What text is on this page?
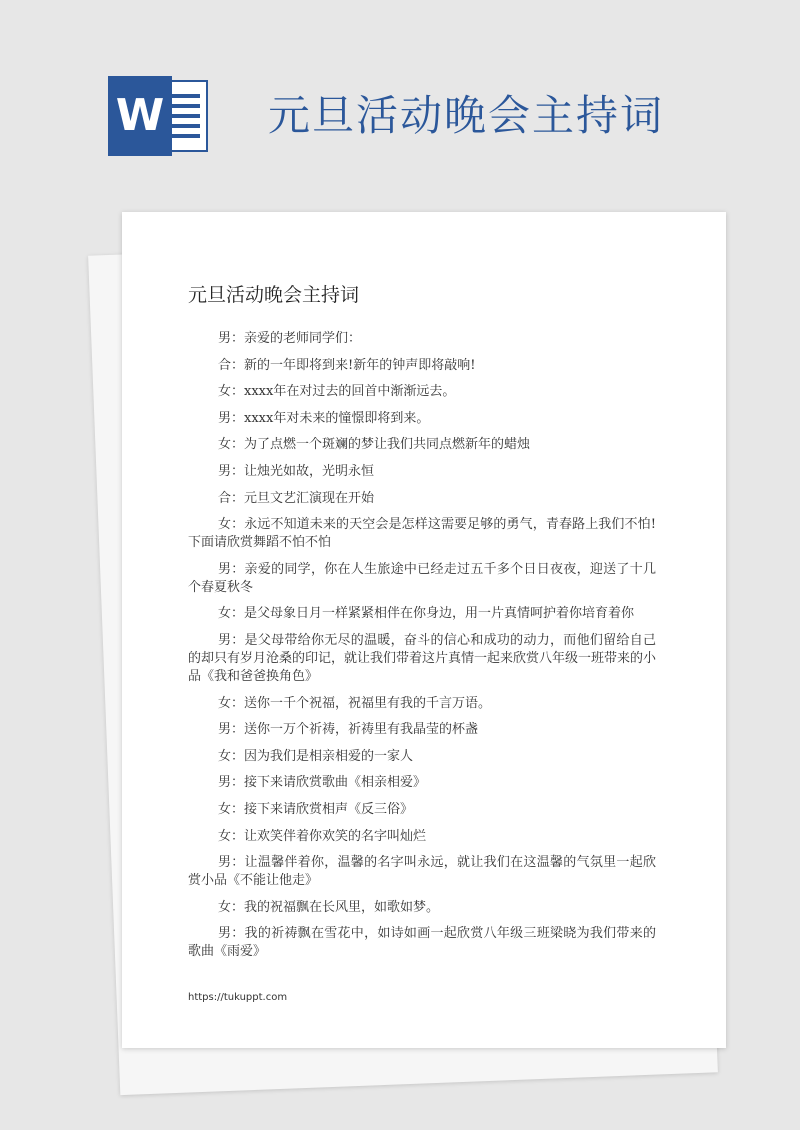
W 元旦活动晚会主持词
元旦活动晚会主持词
男：亲爱的老师同学们：
合：新的一年即将到来!新年的钟声即将敲响!
女：xxxx年在对过去的回首中渐渐远去。
男：xxxx年对未来的憧憬即将到来。
女：为了点燃一个斑斓的梦让我们共同点燃新年的蜡烛
男：让烛光如故，光明永恒
合：元旦文艺汇演现在开始
女：永远不知道未来的天空会是怎样这需要足够的勇气，青春路上我们不怕!下面请欣赏舞蹈不怕不怕
男：亲爱的同学，你在人生旅途中已经走过五千多个日日夜夜，迎送了十几个春夏秋冬
女：是父母象日月一样紧紧相伴在你身边，用一片真情呵护着你培育着你
男：是父母带给你无尽的温暖，奋斗的信心和成功的动力，而他们留给自己的却只有岁月沧桑的印记，就让我们带着这片真情一起来欣赏八年级一班带来的小品《我和爸爸换角色》
女：送你一千个祝福，祝福里有我的千言万语。
男：送你一万个祈祷，祈祷里有我晶莹的杯盏
女：因为我们是相亲相爱的一家人
男：接下来请欣赏歌曲《相亲相爱》
女：接下来请欣赏相声《反三俗》
女：让欢笑伴着你欢笑的名字叫灿烂
男：让温馨伴着你，温馨的名字叫永远，就让我们在这温馨的气氛里一起欣赏小品《不能让他走》
女：我的祝福飘在长风里，如歌如梦。
男：我的祈祷飘在雪花中，如诗如画一起欣赏八年级三班梁晓为我们带来的歌曲《雨爱》
https://tukuppt.com
